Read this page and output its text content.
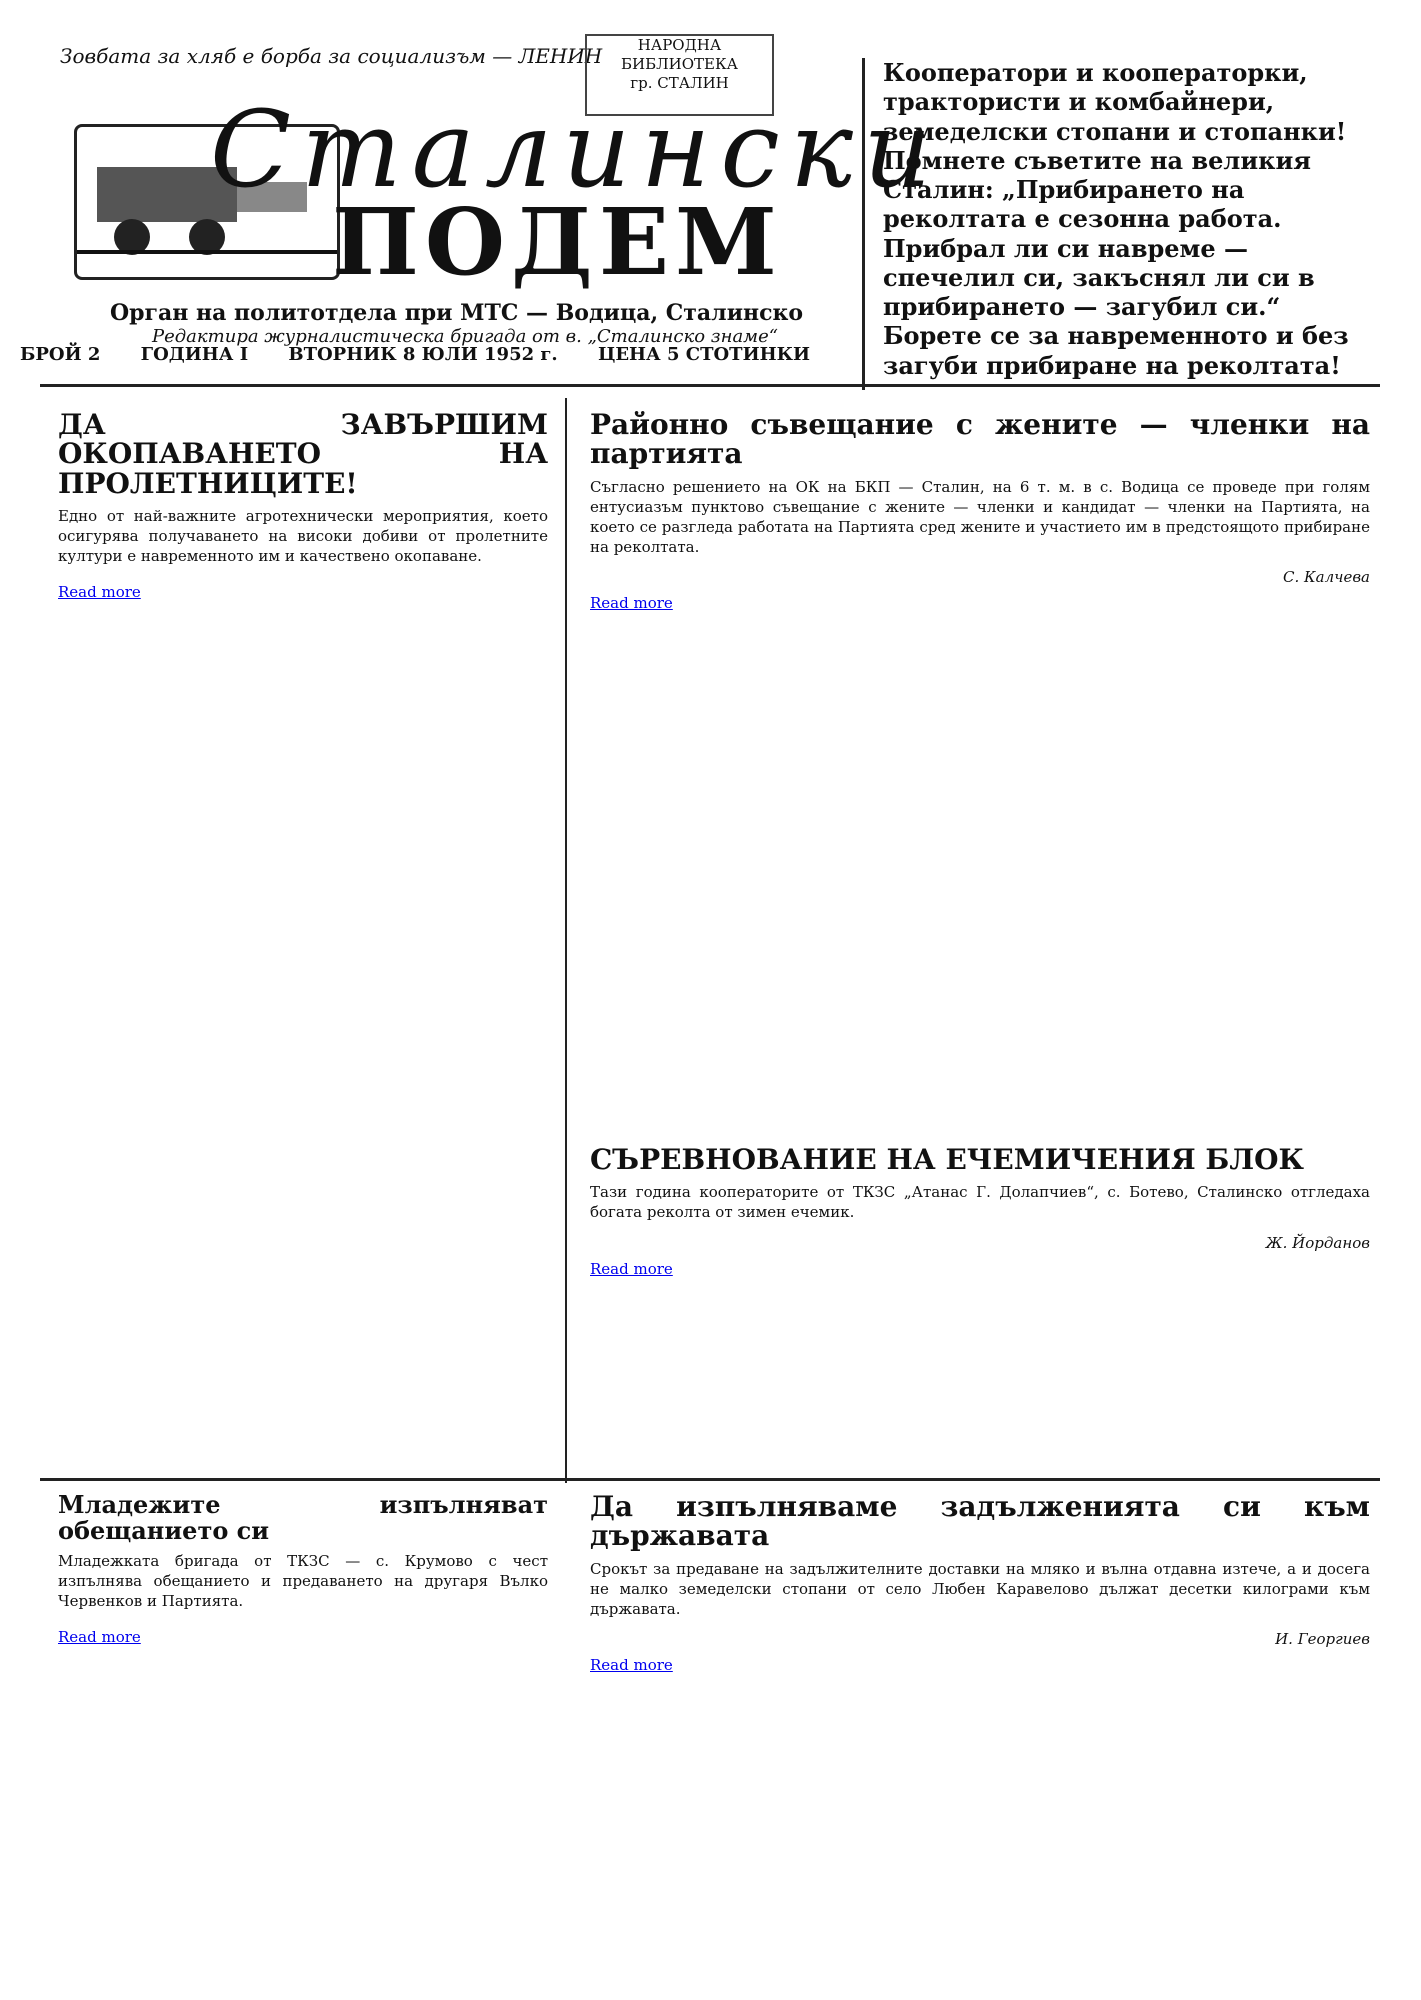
Зовбата за хляб е борба за социализъм — ЛЕНИН	НАРОДНА
БИБЛИОТЕКА
гр. СТАЛИН
Сталински
ПОДЕМ
Орган на политотдела при МТС — Водица, Сталинско
Редактира журналистическа бригада от в. „Сталинско знаме“
БРОЙ 2 ГОДИНА I ВТОРНИК 8 ЮЛИ 1952 г. ЦЕНА 5 СТОТИНКИ
Кооператори и кооператорки, трактористи и комбайнери, земеделски стопани и стопанки! Помнете съветите на великия Сталин: „Прибирането на реколтата е сезонна работа. Прибрал ли си навреме — спечелил си, закъснял ли си в прибирането — загубил си.“ Борете се за навременното и без загуби прибиране на реколтата!
ДА ЗАВЪРШИМ ОКОПАВАНЕТО НА ПРОЛЕТНИЦИТЕ!

Едно от най-важните агротехнически мероприятия, което осигурява получаването на високи добиви от пролетните култури е навременното им и качествено окопаване.

Read more
Районно съвещание с жените — членки на партията

Съгласно решението на ОК на БКП — Сталин, на 6 т. м. в с. Водица се проведе при голям ентусиазъм пунктово съвещание с жените — членки и кандидат — членки на Партията, на което се разгледа работата на Партията сред жените и участието им в предстоящото прибиране на реколтата.

С. Калчева
Read more
СЪРЕВНОВАНИЕ НА ЕЧЕМИЧЕНИЯ БЛОК

Тази година кооператорите от ТКЗС „Атанас Г. Долапчиев“, с. Ботево, Сталинско отгледаха богата реколта от зимен ечемик.

Ж. Йорданов
Read more
Младежите изпълняват обещанието си

Младежката бригада от ТКЗС — с. Крумово с чест изпълнява обещанието и предаването на другаря Вълко Червенков и Партията.

Read more
Да изпълняваме задълженията си към държавата

Срокът за предаване на задължителните доставки на мляко и вълна отдавна изтече, а и досега не малко земеделски стопани от село Любен Каравелово дължат десетки килограми към държавата.

И. Георгиев
Read more
